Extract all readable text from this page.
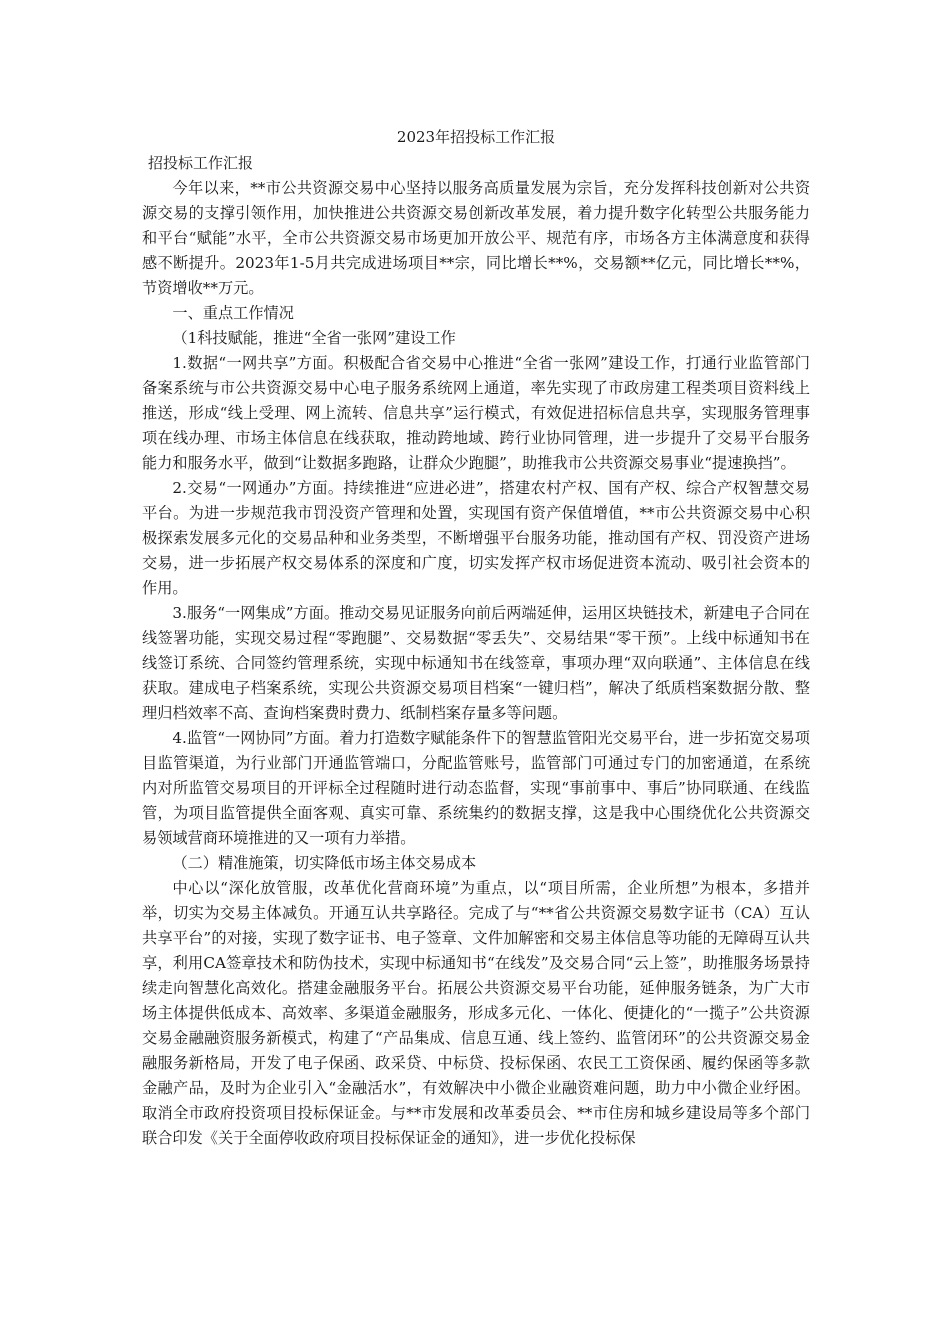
2023年招投标工作汇报

招投标工作汇报

今年以来，**市公共资源交易中心坚持以服务高质量发展为宗旨，充分发挥科技创新对公共资源交易的支撑引领作用，加快推进公共资源交易创新改革发展，着力提升数字化转型公共服务能力和平台“赋能”水平，全市公共资源交易市场更加开放公平、规范有序，市场各方主体满意度和获得感不断提升。2023年1-5月共完成进场项目**宗，同比增长**%，交易额**亿元，同比增长**%，节资增收**万元。

一、重点工作情况

（1科技赋能，推进“全省一张网”建设工作

1.数据“一网共享”方面。积极配合省交易中心推进“全省一张网”建设工作，打通行业监管部门备案系统与市公共资源交易中心电子服务系统网上通道，率先实现了市政房建工程类项目资料线上推送，形成“线上受理、网上流转、信息共享”运行模式，有效促进招标信息共享，实现服务管理事项在线办理、市场主体信息在线获取，推动跨地域、跨行业协同管理，进一步提升了交易平台服务能力和服务水平，做到“让数据多跑路，让群众少跑腿”，助推我市公共资源交易事业“提速换挡”。

2.交易“一网通办”方面。持续推进“应进必进”，搭建农村产权、国有产权、综合产权智慧交易平台。为进一步规范我市罚没资产管理和处置，实现国有资产保值增值，**市公共资源交易中心积极探索发展多元化的交易品种和业务类型，不断增强平台服务功能，推动国有产权、罚没资产进场交易，进一步拓展产权交易体系的深度和广度，切实发挥产权市场促进资本流动、吸引社会资本的作用。

3.服务“一网集成”方面。推动交易见证服务向前后两端延伸，运用区块链技术，新建电子合同在线签署功能，实现交易过程“零跑腿”、交易数据“零丢失”、交易结果“零干预”。上线中标通知书在线签订系统、合同签约管理系统，实现中标通知书在线签章，事项办理“双向联通”、主体信息在线获取。建成电子档案系统，实现公共资源交易项目档案“一键归档”，解决了纸质档案数据分散、整理归档效率不高、查询档案费时费力、纸制档案存量多等问题。

4.监管“一网协同”方面。着力打造数字赋能条件下的智慧监管阳光交易平台，进一步拓宽交易项目监管渠道，为行业部门开通监管端口，分配监管账号，监管部门可通过专门的加密通道，在系统内对所监管交易项目的开评标全过程随时进行动态监督，实现“事前事中、事后”协同联通、在线监管，为项目监管提供全面客观、真实可靠、系统集约的数据支撑，这是我中心围绕优化公共资源交易领域营商环境推进的又一项有力举措。

（二）精准施策，切实降低市场主体交易成本

中心以“深化放管服，改革优化营商环境”为重点，以“项目所需，企业所想”为根本，多措并举，切实为交易主体减负。开通互认共享路径。完成了与“**省公共资源交易数字证书（CA）互认共享平台”的对接，实现了数字证书、电子签章、文件加解密和交易主体信息等功能的无障碍互认共享，利用CA签章技术和防伪技术，实现中标通知书“在线发”及交易合同“云上签”，助推服务场景持续走向智慧化高效化。搭建金融服务平台。拓展公共资源交易平台功能，延伸服务链条，为广大市场主体提供低成本、高效率、多渠道金融服务，形成多元化、一体化、便捷化的“一揽子”公共资源交易金融融资服务新模式，构建了“产品集成、信息互通、线上签约、监管闭环”的公共资源交易金融服务新格局，开发了电子保函、政采贷、中标贷、投标保函、农民工工资保函、履约保函等多款金融产品，及时为企业引入“金融活水”，有效解决中小微企业融资难问题，助力中小微企业纾困。取消全市政府投资项目投标保证金。与**市发展和改革委员会、**市住房和城乡建设局等多个部门联合印发《关于全面停收政府项目投标保证金的通知》，进一步优化投标保
